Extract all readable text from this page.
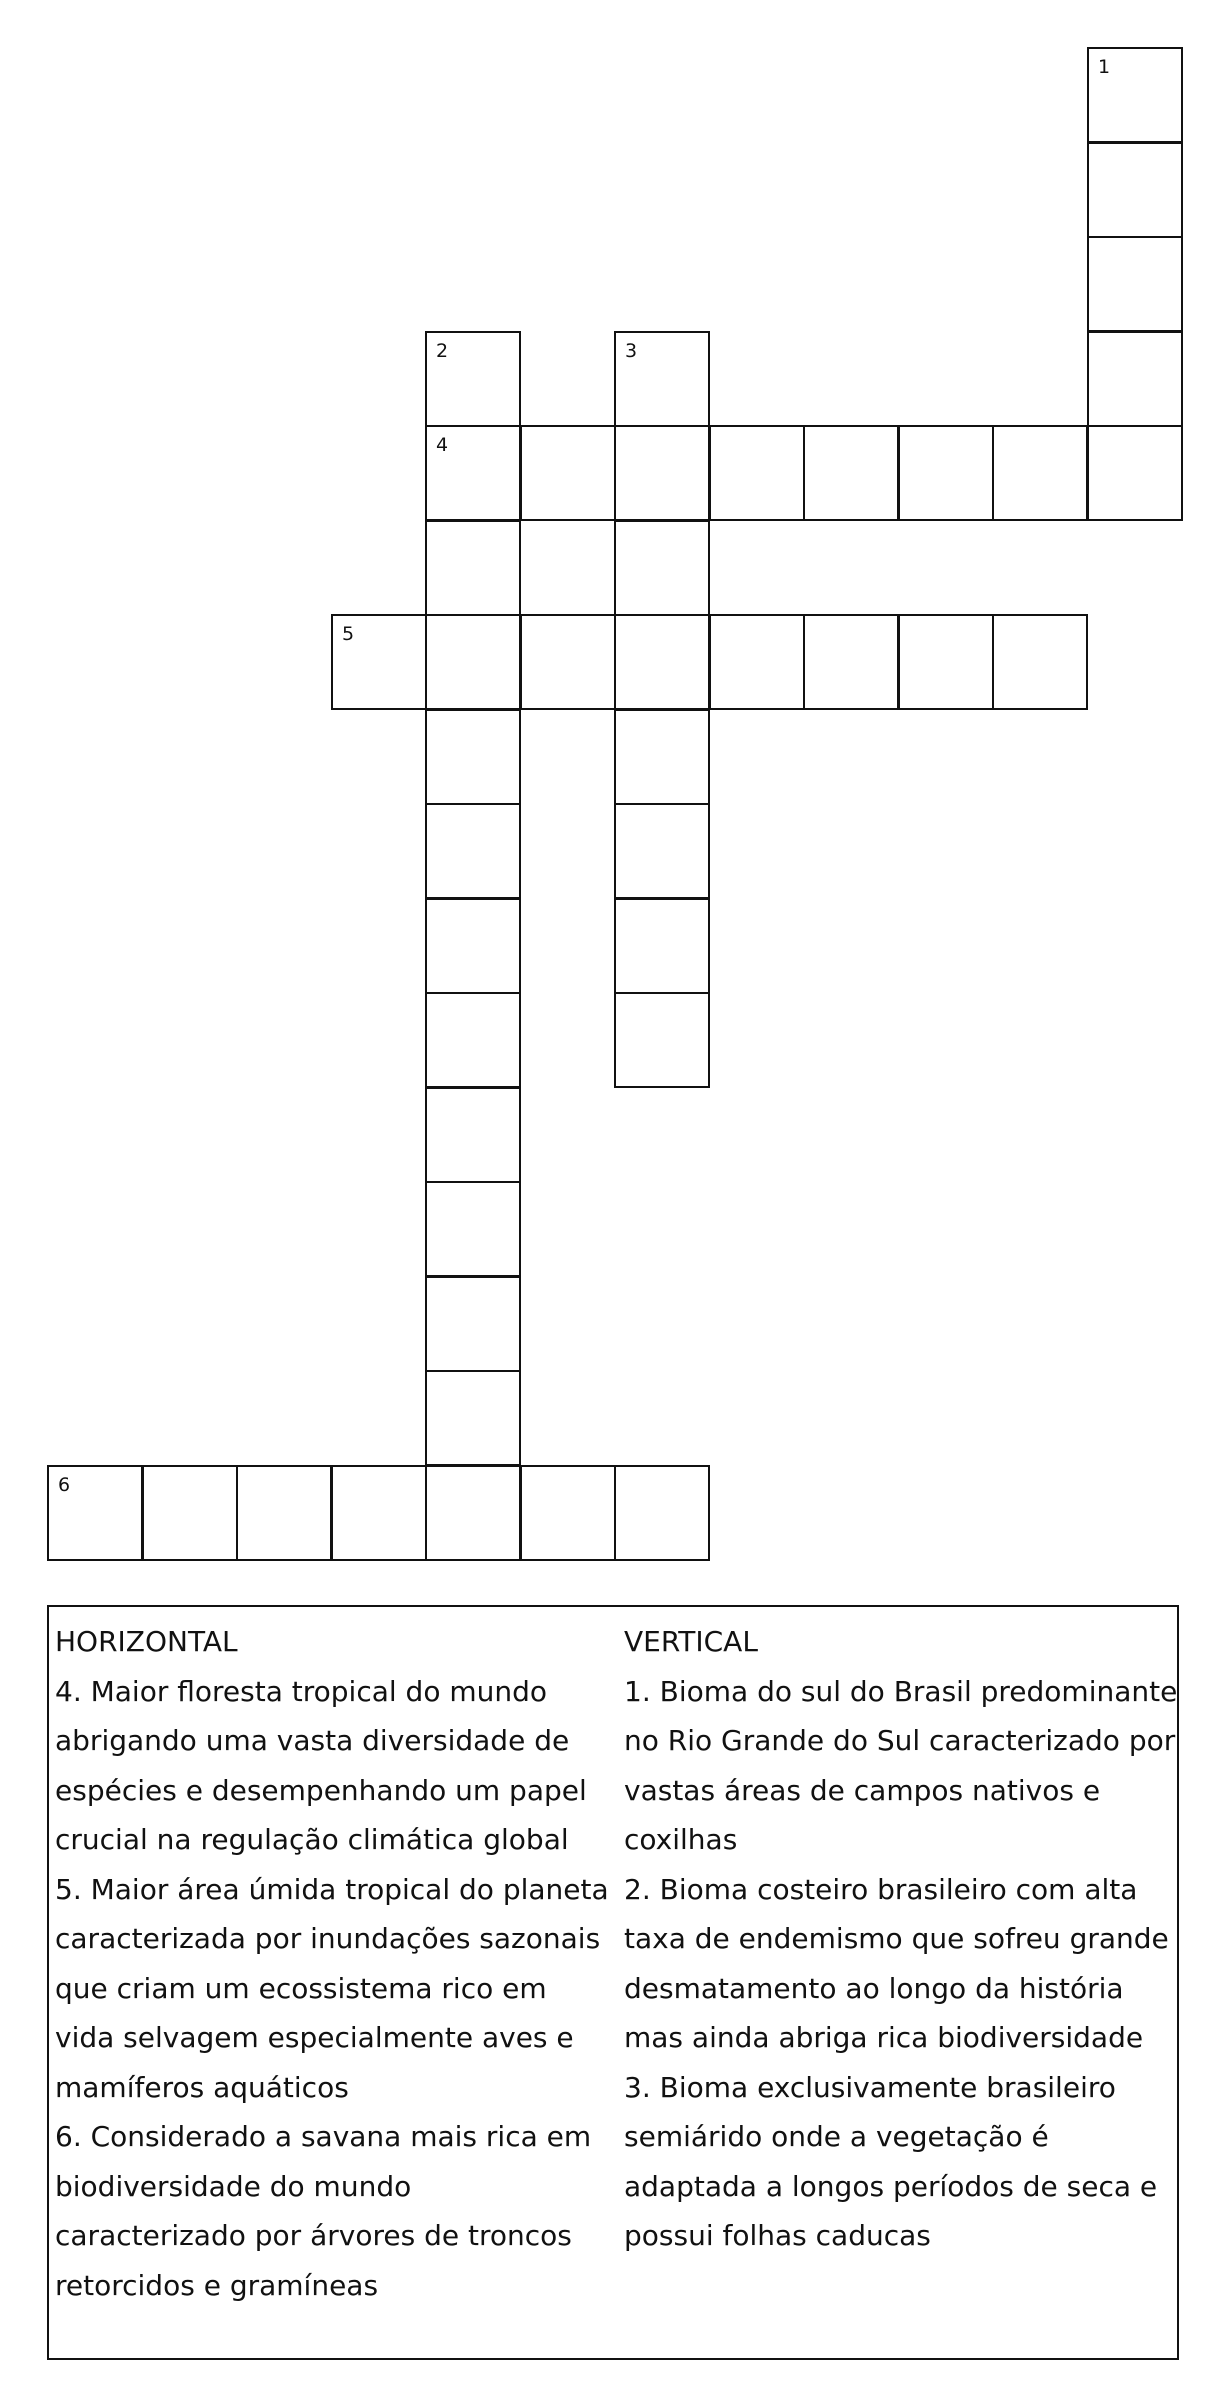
1
2	3
4
5
6

HORIZONTAL

4. Maior floresta tropical do mundo abrigando uma vasta diversidade de espécies e desempenhando um papel crucial na regulação climática global

5. Maior área úmida tropical do planeta caracterizada por inundações sazonais que criam um ecossistema rico em vida selvagem especialmente aves e mamíferos aquáticos

6. Considerado a savana mais rica em biodiversidade do mundo caracterizado por árvores de troncos retorcidos e gramíneas

VERTICAL

1. Bioma do sul do Brasil predominante no Rio Grande do Sul caracterizado por vastas áreas de campos nativos e coxilhas

2. Bioma costeiro brasileiro com alta taxa de endemismo que sofreu grande desmatamento ao longo da história mas ainda abriga rica biodiversidade

3. Bioma exclusivamente brasileiro semiárido onde a vegetação é adaptada a longos períodos de seca e possui folhas caducas
